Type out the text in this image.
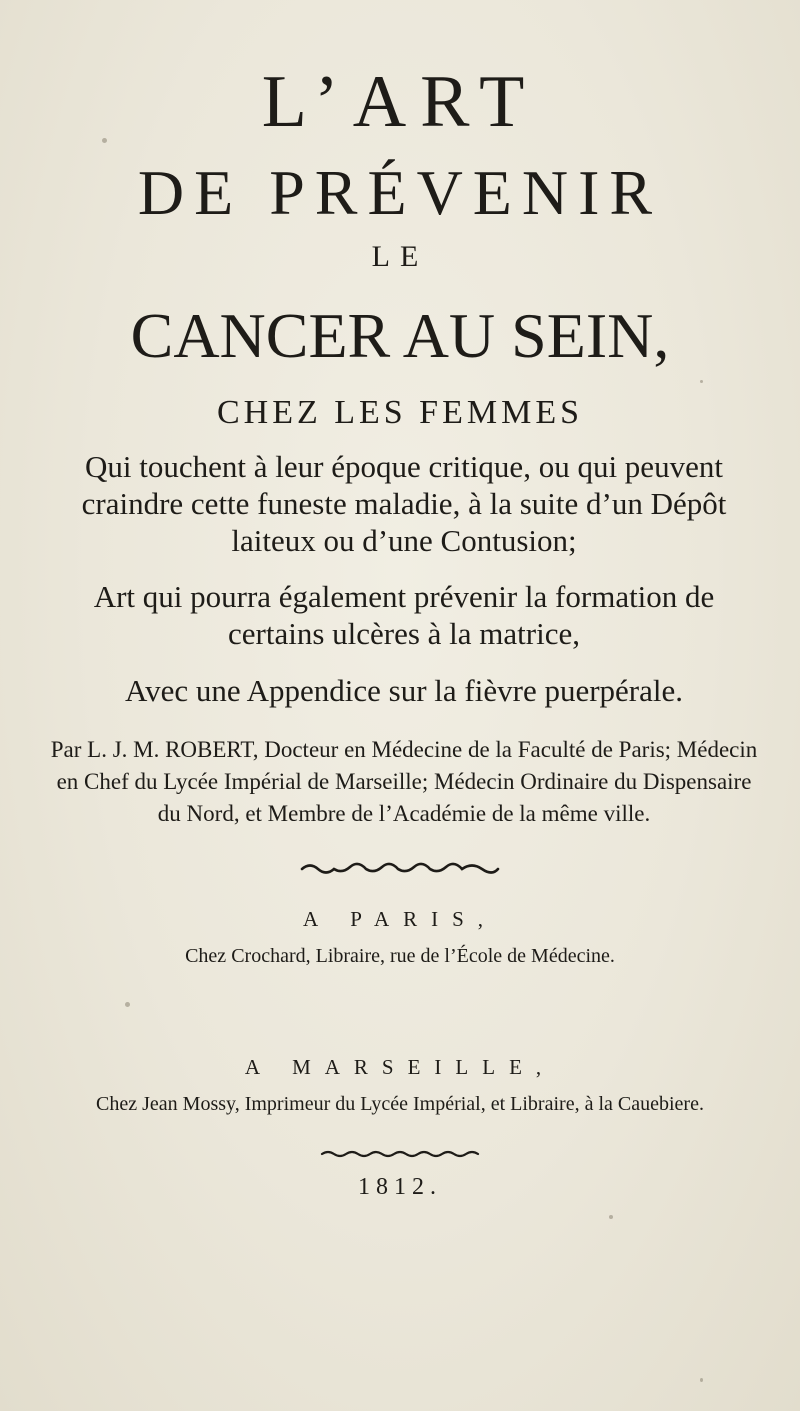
L’ART
DE PRÉVENIR
LE
CANCER AU SEIN,
CHEZ LES FEMMES
Qui touchent à leur époque critique, ou qui peuvent craindre cette funeste maladie, à la suite d’un Dépôt laiteux ou d’une Contusion;
Art qui pourra également prévenir la formation de certains ulcères à la matrice,
Avec une Appendice sur la fièvre puerpérale.
Par L. J. M. ROBERT, Docteur en Médecine de la Faculté de Paris; Médecin en Chef du Lycée Impérial de Marseille; Médecin Ordinaire du Dispensaire du Nord, et Membre de l’Académie de la même ville.
A PARIS,
Chez Crochard, Libraire, rue de l’École de Médecine.
A MARSEILLE,
Chez Jean Mossy, Imprimeur du Lycée Impérial, et Libraire, à la Cauebiere.
1812.
